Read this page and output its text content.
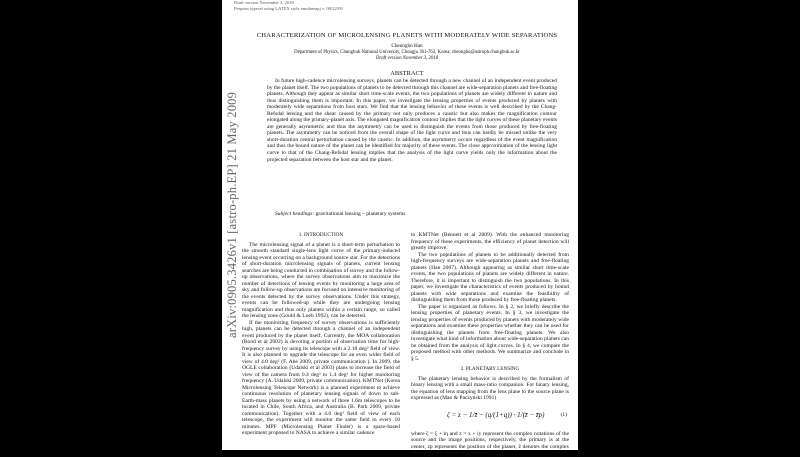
Draft version November 3, 2018
Preprint typeset using LATEX style emulateapj v. 08/22/09
arXiv:0905.3426v1 [astro-ph.EP] 21 May 2009
CHARACTERIZATION OF MICROLENSING PLANETS WITH MODERATELY WIDE SEPARATIONS
Cheongho Han
Department of Physics, Chungbuk National University, Chongju 361-763, Korea; cheongho@astroph.chungbuk.ac.kr
Draft version November 3, 2018
ABSTRACT
In future high-cadence microlensing surveys, planets can be detected through a new channel of an independent event produced by the planet itself. The two populations of planets to be detected through this channel are wide-separation planets and free-floating planets. Although they appear as similar short time-scale events, the two populations of planets are widely different in nature and thus distinguishing them is important. In this paper, we investigate the lensing properties of events produced by planets with moderately wide separations from host stars. We find that the lensing behavior of these events is well described by the Chang-Refsdal lensing and the shear caused by the primary not only produces a caustic but also makes the magnification contour elongated along the primary-planet axis. The elongated magnification contour implies that the light curves of these planetary events are generally asymmetric and thus the asymmetry can be used to distinguish the events from those produced by free-floating planets. The asymmetry can be noticed from the overall shape of the light curve and thus can hardly be missed unlike the very short-duration central perturbation caused by the caustic. In addition, the asymmetry occurs regardless of the event magnification and thus the bound nature of the planet can be identified for majority of these events. The close approximation of the lensing light curve to that of the Chang-Refsdal lensing implies that the analysis of the light curve yields only the information about the projected separation between the host star and the planet.
Subject headings: gravitational lensing – planetary systems
1. INTRODUCTION

The microlensing signal of a planet is a short-term perturbation to the smooth standard single-lens light curve of the primary-induced lensing event occurring on a background source star. For the detections of short-duration microlensing signals of planets, current lensing searches are being conducted in combination of survey and the follow-up observations, where the survey observations aim to maximize the number of detections of lensing events by monitoring a large area of sky and follow-up observations are focused on intensive monitoring of the events detected by the survey observations. Under this strategy, events can be followed-up while they are undergoing lensing magnification and thus only planets within a certain range, so called the lensing zone (Gould & Loeb 1992), can be detected.

If the monitoring frequency of survey observations is sufficiently high, planets can be detected through a channel of an independent event produced by the planet itself. Currently, the MOA collaboration (Bond et al 2002) is devoting a portion of observation time for high-frequency survey by using its telescope with a 2.18 deg² field of view. It is also planned to upgrade the telescope for an even wider field of view of 4.0 deg² (F. Abe 2009, private communication ). In 2009, the OGLE collaboration (Udalski et al 2003) plans to increase the field of view of the camera from 0.4 deg² to 1.4 deg² for higher monitoring frequency (A. Udalski 2009, private communication). KMTNet (Korea Microlensing Telescope Network) is a planned experiment to achieve continuous resolution of planetary lensing signals of down to sub-Earth-mass planets by using a network of three 1.6m telescopes to be located in Chile, South Africa, and Australia (B. Park 2009, private communication). Together with a 4.0 deg² field of view of each telescope, the experiment will monitor the same field in every 10 minutes. MPF (Microlensing Planet Finder) is a space-based experiment proposed to NASA to achieve a similar cadence

to KMTNet (Bennett et al 2009). With the enhanced monitoring frequency of these experiments, the efficiency of planet detection will greatly improve.

The two populations of planets to be additionally detected from high-frequency surveys are wide-separation planets and free-floating planets (Han 2007). Although appearing as similar short time-scale events, the two populations of planets are widely different in nature. Therefore, it is important to distinguish the two populations. In this paper, we investigate the characteristics of events produced by bound planets with wide separations and examine the feasibility of distinguishing them from those produced by free-floating planets.

The paper is organized as follows. In § 2, we briefly describe the lensing properties of planetary events. In § 3, we investigate the lensing properties of events produced by planets with moderately wide separations and examine these properties whether they can be used for distinguishing the planets from free-floating planets. We also investigate what kind of information about wide-separation planets can be obtained from the analysis of light curves. In § 4, we compare the proposed method with other methods. We summarize and conclude in § 5.

2. PLANETARY LENSING

The planetary lensing behavior is described by the formalism of binary lensing with a small mass-ratio companion. For binary lensing, the equation of lens mapping from the lens plane to the source plane is expressed as (Mao & Paczyński 1991)

ζ = z − 1/z̄ − (q/(1+q)) · 1/(z̄ − z̄p)	(1)

where ζ = ξ + iη and z = x + iy represent the complex notations of the source and the image positions, respectively, the primary is at the center, zp represents the position of the planet, z̄ denotes the complex conjugate of z, and q represents the
